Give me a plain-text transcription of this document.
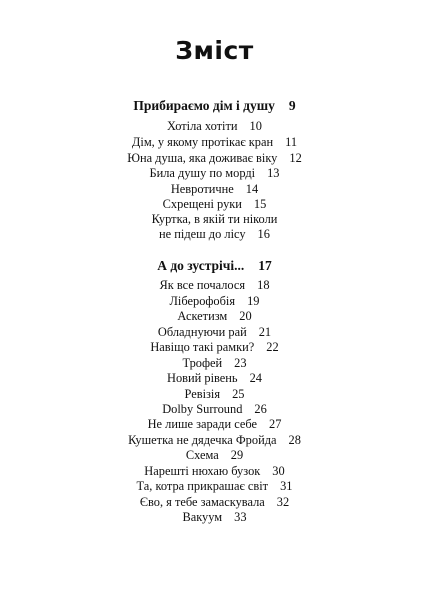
Зміст
Прибираємо дім і душу 9
Хотіла хотіти 10
Дім, у якому протікає кран 11
Юна душа, яка доживає віку 12
Била душу по морді 13
Невротичне 14
Схрещені руки 15
Куртка, в якій ти ніколи
не підеш до лісу 16
А до зустрічі... 17
Як все почалося 18
Ліберофобія 19
Аскетизм 20
Обладнуючи рай 21
Навіщо такі рамки? 22
Трофей 23
Новий рівень 24
Ревізія 25
Dolby Surround 26
Не лише заради себе 27
Кушетка не дядечка Фройда 28
Схема 29
Нарешті нюхаю бузок 30
Та, котра прикрашає світ 31
Єво, я тебе замаскувала 32
Вакуум 33
